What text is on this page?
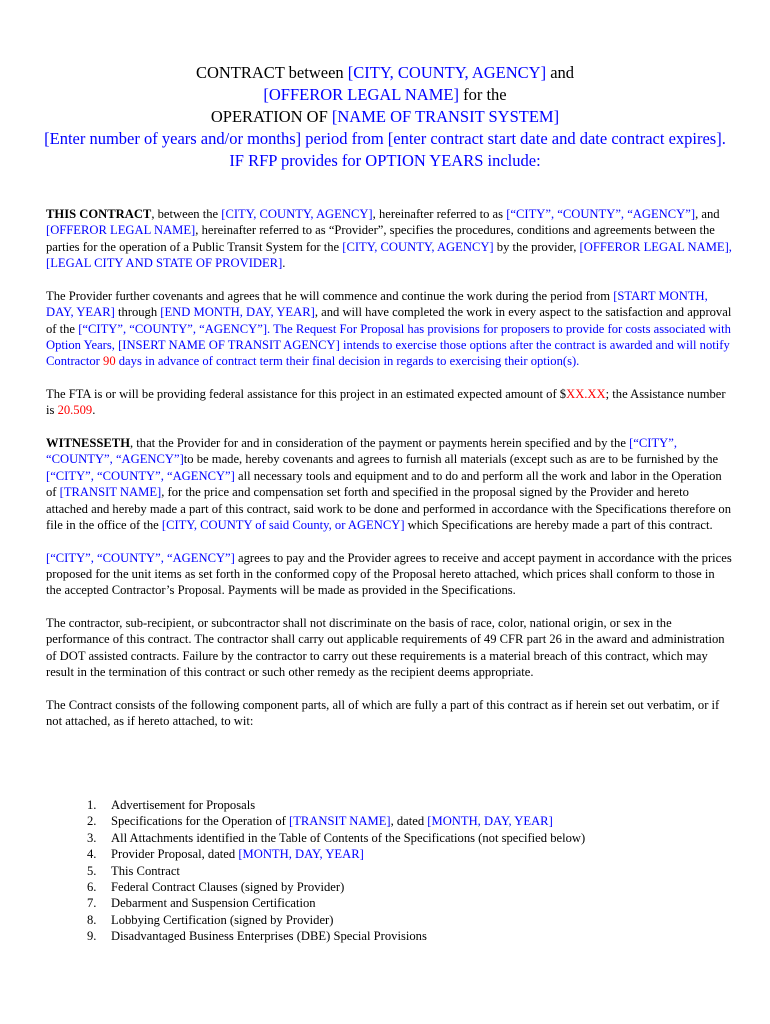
CONTRACT between [CITY, COUNTY, AGENCY] and
[OFFEROR LEGAL NAME] for the
OPERATION OF [NAME OF TRANSIT SYSTEM]
[Enter number of years and/or months] period from [enter contract start date and date contract expires]. IF RFP provides for OPTION YEARS include:

THIS CONTRACT, between the [CITY, COUNTY, AGENCY], hereinafter referred to as [“CITY”, “COUNTY”, “AGENCY”], and [OFFEROR LEGAL NAME], hereinafter referred to as “Provider”, specifies the procedures, conditions and agreements between the parties for the operation of a Public Transit System for the [CITY, COUNTY, AGENCY] by the provider, [OFFEROR LEGAL NAME], [LEGAL CITY AND STATE OF PROVIDER].

The Provider further covenants and agrees that he will commence and continue the work during the period from [START MONTH, DAY, YEAR] through [END MONTH, DAY, YEAR], and will have completed the work in every aspect to the satisfaction and approval of the [“CITY”, “COUNTY”, “AGENCY”]. The Request For Proposal has provisions for proposers to provide for costs associated with Option Years, [INSERT NAME OF TRANSIT AGENCY] intends to exercise those options after the contract is awarded and will notify Contractor 90 days in advance of contract term their final decision in regards to exercising their option(s).

The FTA is or will be providing federal assistance for this project in an estimated expected amount of $XX.XX; the Assistance number is 20.509.

WITNESSETH, that the Provider for and in consideration of the payment or payments herein specified and by the [“CITY”, “COUNTY”, “AGENCY”]to be made, hereby covenants and agrees to furnish all materials (except such as are to be furnished by the [“CITY”, “COUNTY”, “AGENCY”] all necessary tools and equipment and to do and perform all the work and labor in the Operation of [TRANSIT NAME], for the price and compensation set forth and specified in the proposal signed by the Provider and hereto attached and hereby made a part of this contract, said work to be done and performed in accordance with the Specifications therefore on file in the office of the [CITY, COUNTY of said County, or AGENCY] which Specifications are hereby made a part of this contract.

[“CITY”, “COUNTY”, “AGENCY”] agrees to pay and the Provider agrees to receive and accept payment in accordance with the prices proposed for the unit items as set forth in the conformed copy of the Proposal hereto attached, which prices shall conform to those in the accepted Contractor’s Proposal. Payments will be made as provided in the Specifications.

The contractor, sub-recipient, or subcontractor shall not discriminate on the basis of race, color, national origin, or sex in the performance of this contract. The contractor shall carry out applicable requirements of 49 CFR part 26 in the award and administration of DOT assisted contracts. Failure by the contractor to carry out these requirements is a material breach of this contract, which may result in the termination of this contract or such other remedy as the recipient deems appropriate.

The Contract consists of the following component parts, all of which are fully a part of this contract as if herein set out verbatim, or if not attached, as if hereto attached, to wit:

1.	Advertisement for Proposals
2.	Specifications for the Operation of [TRANSIT NAME], dated [MONTH, DAY, YEAR]
3.	All Attachments identified in the Table of Contents of the Specifications (not specified below)
4.	Provider Proposal, dated [MONTH, DAY, YEAR]
5.	This Contract
6.	Federal Contract Clauses (signed by Provider)
7.	Debarment and Suspension Certification
8.	Lobbying Certification (signed by Provider)
9.	Disadvantaged Business Enterprises (DBE) Special Provisions
